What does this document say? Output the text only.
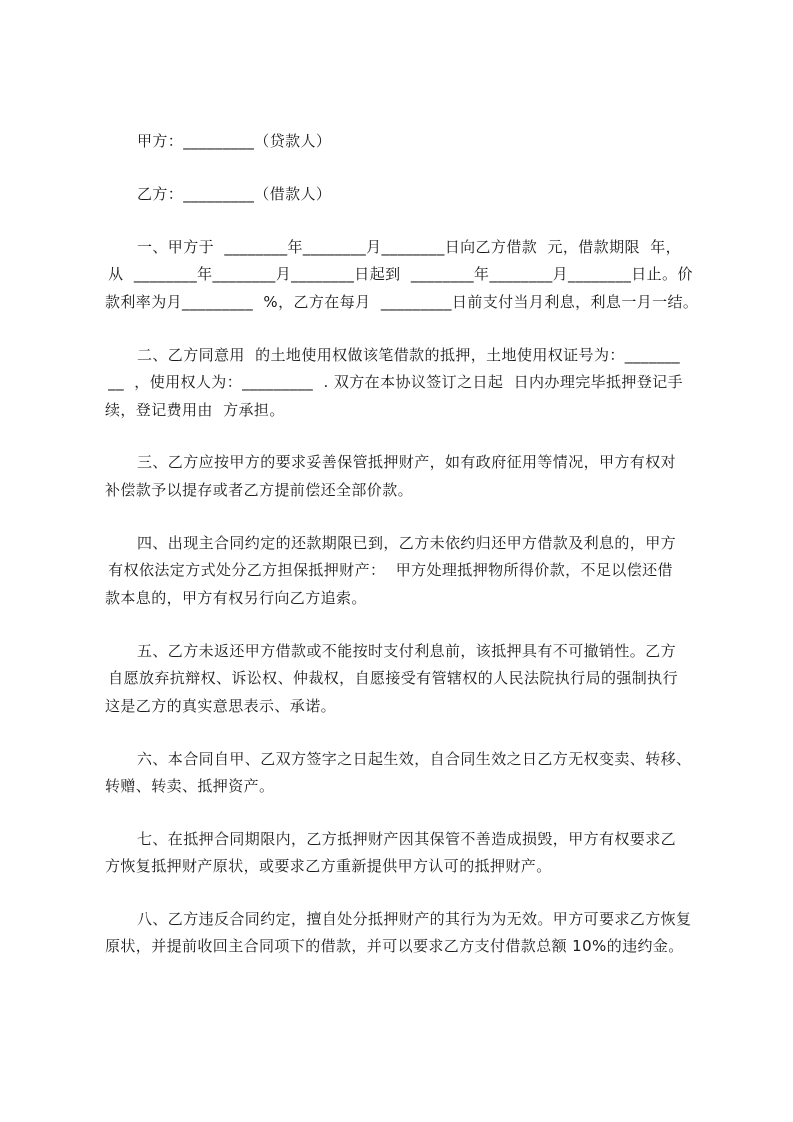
甲方：_________（贷款人）

乙方：_________（借款人）

一、甲方于  ________年________月________日向乙方借款  元，借款期限  年，

从  ________年________月________日起到  ________年________月________日止。价

款利率为月_________  %，乙方在每月  _________日前支付当月利息，利息一月一结。

二、乙方同意用  的土地使用权做该笔借款的抵押，土地使用权证号为：_______

__  ，使用权人为：_________  . 双方在本协议签订之日起  日内办理完毕抵押登记手

续，登记费用由  方承担。

三、乙方应按甲方的要求妥善保管抵押财产，如有政府征用等情况，甲方有权对

补偿款予以提存或者乙方提前偿还全部价款。

四、出现主合同约定的还款期限已到，乙方未依约归还甲方借款及利息的，甲方

有权依法定方式处分乙方担保抵押财产：  甲方处理抵押物所得价款，不足以偿还借

款本息的，甲方有权另行向乙方追索。

五、乙方未返还甲方借款或不能按时支付利息前，该抵押具有不可撤销性。乙方

自愿放弃抗辩权、诉讼权、仲裁权，自愿接受有管辖权的人民法院执行局的强制执行

这是乙方的真实意思表示、承诺。

六、本合同自甲、乙双方签字之日起生效，自合同生效之日乙方无权变卖、转移、

转赠、转卖、抵押资产。

七、在抵押合同期限内，乙方抵押财产因其保管不善造成损毁，甲方有权要求乙

方恢复抵押财产原状，或要求乙方重新提供甲方认可的抵押财产。

八、乙方违反合同约定，擅自处分抵押财产的其行为为无效。甲方可要求乙方恢复

原状，并提前收回主合同项下的借款，并可以要求乙方支付借款总额 10%的违约金。
